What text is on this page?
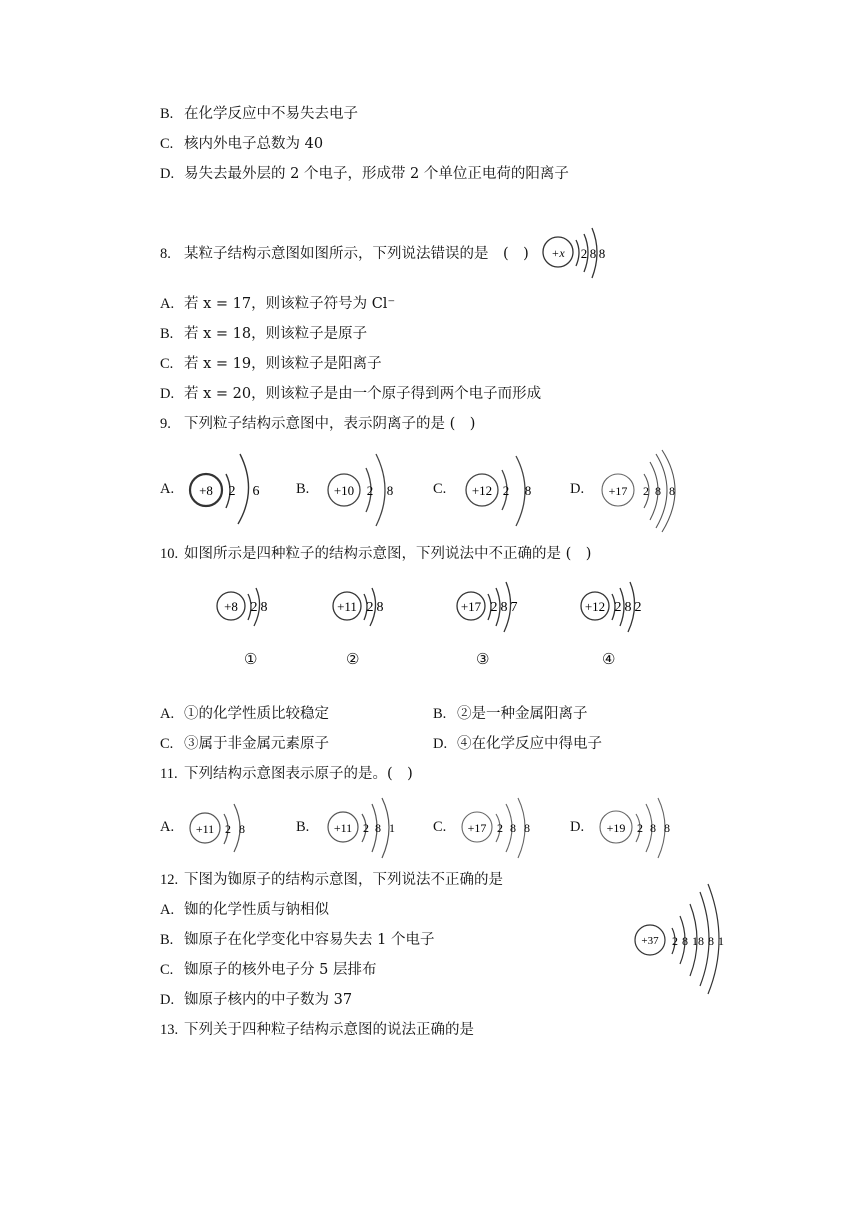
B. 在化学反应中不易失去电子
C. 核内外电子总数为 40
D. 易失去最外层的 2 个电子，形成带 2 个单位正电荷的阳离子
8. 某粒子结构示意图如图所示，下列说法错误的是　(　) +x 2 8 8
A. 若 x = 17，则该粒子符号为 Cl⁻
B. 若 x = 18，则该粒子是原子
C. 若 x = 19，则该粒子是阳离子
D. 若 x = 20，则该粒子是由一个原子得到两个电子而形成
9. 下列粒子结构示意图中，表示阴离子的是 (　)
A. +8 2 6	B. +10 2 8	C. +12 2 8	D. +17 2 8 8
10. 如图所示是四种粒子的结构示意图，下列说法中不正确的是 (　)
+8 2 8
①
+11 2 8
②
+17 2 8 7
③
+12 2 8 2
④
A. ①的化学性质比较稳定	B. ②是一种金属阳离子
C. ③属于非金属元素原子	D. ④在化学反应中得电子
11. 下列结构示意图表示原子的是。(　)
A. +11 2 8	B. +11 2 8 1	C. +17 2 8 8	D. +19 2 8 8
12. 下图为铷原子的结构示意图，下列说法不正确的是
A. 铷的化学性质与钠相似
B. 铷原子在化学变化中容易失去 1 个电子
C. 铷原子的核外电子分 5 层排布
D. 铷原子核内的中子数为 37
+37 2 8 18 8 1
13. 下列关于四种粒子结构示意图的说法正确的是
